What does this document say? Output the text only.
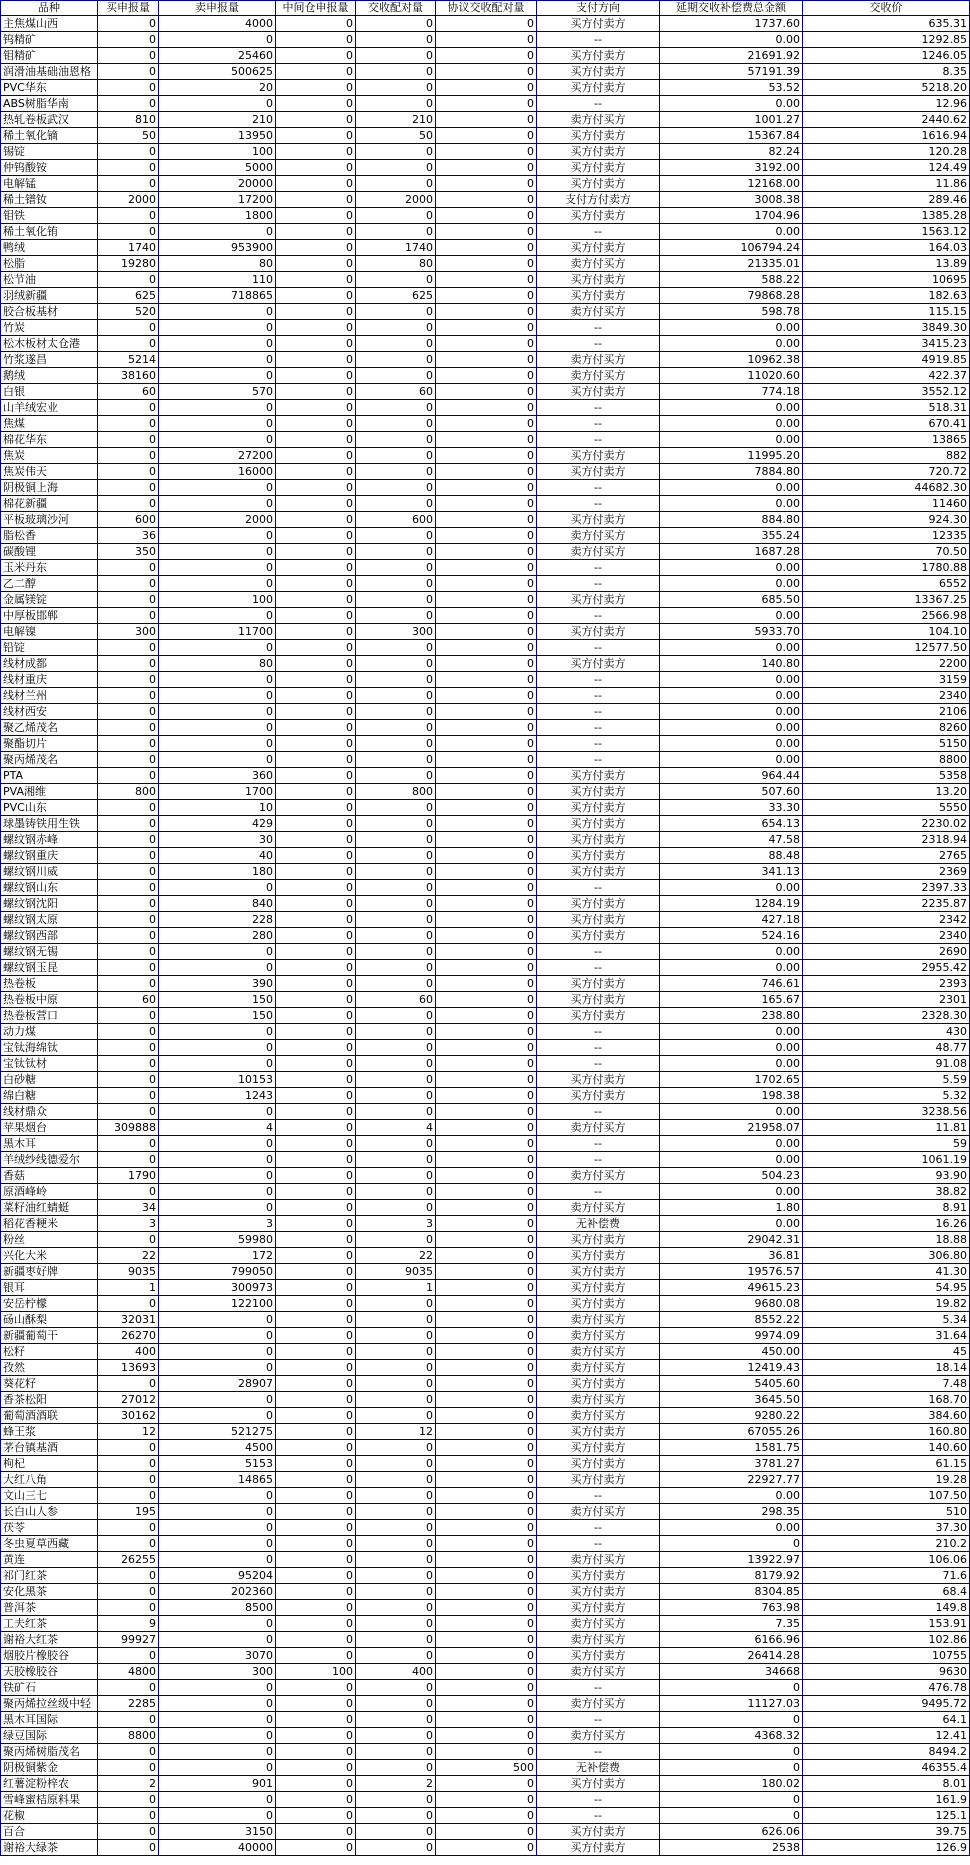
品种	买申报量	卖申报量	中间仓申报量	交收配对量	协议交收配对量	支付方向	延期交收补偿费总金额	交收价
主焦煤山西	0	4000	0	0	0	买方付卖方	1737.60	635.31
钨精矿	0	0	0	0	0	--	0.00	1292.85
钼精矿	0	25460	0	0	0	买方付卖方	21691.92	1246.05
润滑油基础油恩格	0	500625	0	0	0	买方付卖方	57191.39	8.35
PVC华东	0	20	0	0	0	买方付卖方	53.52	5218.20
ABS树脂华南	0	0	0	0	0	--	0.00	12.96
热轧卷板武汉	810	210	0	210	0	卖方付买方	1001.27	2440.62
稀土氧化镝	50	13950	0	50	0	买方付卖方	15367.84	1616.94
锡锭	0	100	0	0	0	买方付卖方	82.24	120.28
仲钨酸铵	0	5000	0	0	0	买方付卖方	3192.00	124.49
电解锰	0	20000	0	0	0	买方付卖方	12168.00	11.86
稀土镨钕	2000	17200	0	2000	0	支付方付卖方	3008.38	289.46
钼铁	0	1800	0	0	0	买方付卖方	1704.96	1385.28
稀土氧化铕	0	0	0	0	0	--	0.00	1563.12
鸭绒	1740	953900	0	1740	0	买方付卖方	106794.24	164.03
松脂	19280	80	0	80	0	卖方付买方	21335.01	13.89
松节油	0	110	0	0	0	买方付卖方	588.22	10695
羽绒新疆	625	718865	0	625	0	买方付卖方	79868.28	182.63
胶合板基材	520	0	0	0	0	卖方付买方	598.78	115.15
竹炭	0	0	0	0	0	--	0.00	3849.30
松木板材太仓港	0	0	0	0	0	--	0.00	3415.23
竹浆遂昌	5214	0	0	0	0	卖方付买方	10962.38	4919.85
鹅绒	38160	0	0	0	0	卖方付买方	11020.60	422.37
白银	60	570	0	60	0	买方付卖方	774.18	3552.12
山羊绒宏业	0	0	0	0	0	--	0.00	518.31
焦煤	0	0	0	0	0	--	0.00	670.41
棉花华东	0	0	0	0	0	--	0.00	13865
焦炭	0	27200	0	0	0	买方付卖方	11995.20	882
焦炭伟天	0	16000	0	0	0	买方付卖方	7884.80	720.72
阴极铜上海	0	0	0	0	0	--	0.00	44682.30
棉花新疆	0	0	0	0	0	--	0.00	11460
平板玻璃沙河	600	2000	0	600	0	买方付卖方	884.80	924.30
脂松香	36	0	0	0	0	卖方付买方	355.24	12335
碳酸锂	350	0	0	0	0	卖方付买方	1687.28	70.50
玉米丹东	0	0	0	0	0	--	0.00	1780.88
乙二醇	0	0	0	0	0	--	0.00	6552
金属镁锭	0	100	0	0	0	买方付卖方	685.50	13367.25
中厚板邯郸	0	0	0	0	0	--	0.00	2566.98
电解镍	300	11700	0	300	0	买方付卖方	5933.70	104.10
铅锭	0	0	0	0	0	--	0.00	12577.50
线材成都	0	80	0	0	0	买方付卖方	140.80	2200
线材重庆	0	0	0	0	0	--	0.00	3159
线材兰州	0	0	0	0	0	--	0.00	2340
线材西安	0	0	0	0	0	--	0.00	2106
聚乙烯茂名	0	0	0	0	0	--	0.00	8260
聚酯切片	0	0	0	0	0	--	0.00	5150
聚丙烯茂名	0	0	0	0	0	--	0.00	8800
PTA	0	360	0	0	0	买方付卖方	964.44	5358
PVA湘维	800	1700	0	800	0	买方付卖方	507.60	13.20
PVC山东	0	10	0	0	0	买方付卖方	33.30	5550
球墨铸铁用生铁	0	429	0	0	0	买方付卖方	654.13	2230.02
螺纹钢赤峰	0	30	0	0	0	买方付卖方	47.58	2318.94
螺纹钢重庆	0	40	0	0	0	买方付卖方	88.48	2765
螺纹钢川威	0	180	0	0	0	买方付卖方	341.13	2369
螺纹钢山东	0	0	0	0	0	--	0.00	2397.33
螺纹钢沈阳	0	840	0	0	0	买方付卖方	1284.19	2235.87
螺纹钢太原	0	228	0	0	0	买方付卖方	427.18	2342
螺纹钢西部	0	280	0	0	0	买方付卖方	524.16	2340
螺纹钢无锡	0	0	0	0	0	--	0.00	2690
螺纹钢玉昆	0	0	0	0	0	--	0.00	2955.42
热卷板	0	390	0	0	0	买方付卖方	746.61	2393
热卷板中原	60	150	0	60	0	买方付卖方	165.67	2301
热卷板营口	0	150	0	0	0	买方付卖方	238.80	2328.30
动力煤	0	0	0	0	0	--	0.00	430
宝钛海绵钛	0	0	0	0	0	--	0.00	48.77
宝钛钛材	0	0	0	0	0	--	0.00	91.08
白砂糖	0	10153	0	0	0	买方付卖方	1702.65	5.59
绵白糖	0	1243	0	0	0	买方付卖方	198.38	5.32
线材鼎众	0	0	0	0	0	--	0.00	3238.56
苹果烟台	309888	4	0	4	0	卖方付买方	21958.07	11.81
黑木耳	0	0	0	0	0	--	0.00	59
羊绒纱线德爱尔	0	0	0	0	0	--	0.00	1061.19
香菇	1790	0	0	0	0	卖方付买方	504.23	93.90
原酒峰岭	0	0	0	0	0	--	0.00	38.82
菜籽油红蜻蜓	34	0	0	0	0	卖方付买方	1.80	8.91
稻花香粳米	3	3	0	3	0	无补偿费	0.00	16.26
粉丝	0	59980	0	0	0	买方付卖方	29042.31	18.88
兴化大米	22	172	0	22	0	买方付卖方	36.81	306.80
新疆枣好牌	9035	799050	0	9035	0	买方付卖方	19576.57	41.30
银耳	1	300973	0	1	0	买方付卖方	49615.23	54.95
安岳柠檬	0	122100	0	0	0	买方付卖方	9680.08	19.82
砀山酥梨	32031	0	0	0	0	卖方付买方	8552.22	5.34
新疆葡萄干	26270	0	0	0	0	卖方付买方	9974.09	31.64
松籽	400	0	0	0	0	卖方付买方	450.00	45
孜然	13693	0	0	0	0	卖方付买方	12419.43	18.14
葵花籽	0	28907	0	0	0	买方付卖方	5405.60	7.48
香茶松阳	27012	0	0	0	0	卖方付买方	3645.50	168.70
葡萄酒酒联	30162	0	0	0	0	卖方付买方	9280.22	384.60
蜂王浆	12	521275	0	12	0	买方付卖方	67055.26	160.80
茅台镇基酒	0	4500	0	0	0	买方付卖方	1581.75	140.60
枸杞	0	5153	0	0	0	买方付卖方	3781.27	61.15
大红八角	0	14865	0	0	0	买方付卖方	22927.77	19.28
文山三七	0	0	0	0	0	--	0.00	107.50
长白山人参	195	0	0	0	0	卖方付买方	298.35	510
茯苓	0	0	0	0	0	--	0.00	37.30
冬虫夏草西藏	0	0	0	0	0	--	0	210.2
黄连	26255	0	0	0	0	卖方付买方	13922.97	106.06
祁门红茶	0	95204	0	0	0	买方付卖方	8179.92	71.6
安化黑茶	0	202360	0	0	0	买方付卖方	8304.85	68.4
普洱茶	0	8500	0	0	0	买方付卖方	763.98	149.8
工夫红茶	9	0	0	0	0	卖方付买方	7.35	153.91
谢裕大红茶	99927	0	0	0	0	卖方付买方	6166.96	102.86
烟胶片橡胶谷	0	3070	0	0	0	买方付卖方	26414.28	10755
天胶橡胶谷	4800	300	100	400	0	卖方付买方	34668	9630
铁矿石	0	0	0	0	0	--	0	476.78
聚丙烯拉丝级中轻	2285	0	0	0	0	卖方付买方	11127.03	9495.72
黑木耳国际	0	0	0	0	0	--	0	64.1
绿豆国际	8800	0	0	0	0	卖方付买方	4368.32	12.41
聚丙烯树脂茂名	0	0	0	0	0	--	0	8494.2
阴极铜紫金	0	0	0	0	500	无补偿费	0	46355.4
红薯淀粉梓农	2	901	0	2	0	买方付卖方	180.02	8.01
雪峰蜜桔原料果	0	0	0	0	0	--	0	161.9
花椒	0	0	0	0	0	--	0	125.1
百合	0	3150	0	0	0	买方付卖方	626.06	39.75
谢裕大绿茶	0	40000	0	0	0	买方付卖方	2538	126.9
